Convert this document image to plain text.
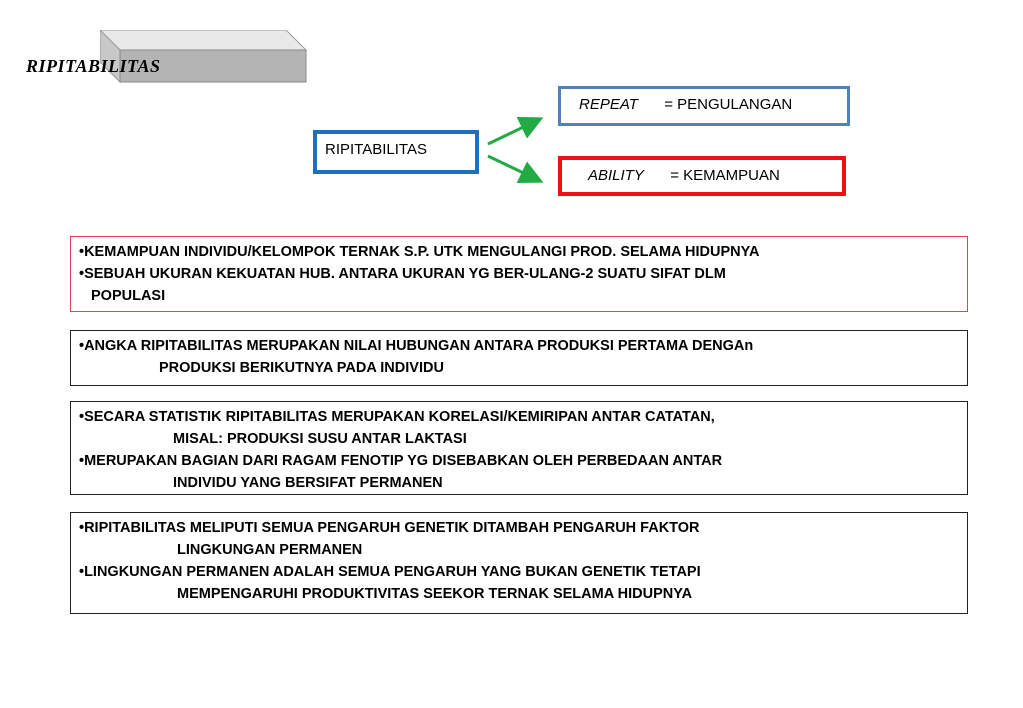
RIPITABILITAS
RIPITABILITAS
REPEAT = PENGULANGAN
ABILITY = KEMAMPUAN
•KEMAMPUAN INDIVIDU/KELOMPOK TERNAK S.P. UTK MENGULANGI PROD. SELAMA HIDUPNYA
•SEBUAH UKURAN KEKUATAN HUB. ANTARA UKURAN YG BER-ULANG-2 SUATU SIFAT DLM
POPULASI
•ANGKA RIPITABILITAS MERUPAKAN NILAI HUBUNGAN ANTARA PRODUKSI PERTAMA DENGAn
PRODUKSI BERIKUTNYA PADA INDIVIDU
•SECARA STATISTIK RIPITABILITAS MERUPAKAN KORELASI/KEMIRIPAN ANTAR CATATAN,
MISAL: PRODUKSI SUSU ANTAR LAKTASI
•MERUPAKAN BAGIAN DARI RAGAM FENOTIP YG DISEBABKAN OLEH PERBEDAAN ANTAR
INDIVIDU YANG BERSIFAT PERMANEN
•RIPITABILITAS MELIPUTI SEMUA PENGARUH GENETIK DITAMBAH PENGARUH FAKTOR
LINGKUNGAN PERMANEN
•LINGKUNGAN PERMANEN ADALAH SEMUA PENGARUH YANG BUKAN GENETIK TETAPI
MEMPENGARUHI PRODUKTIVITAS SEEKOR TERNAK SELAMA HIDUPNYA
